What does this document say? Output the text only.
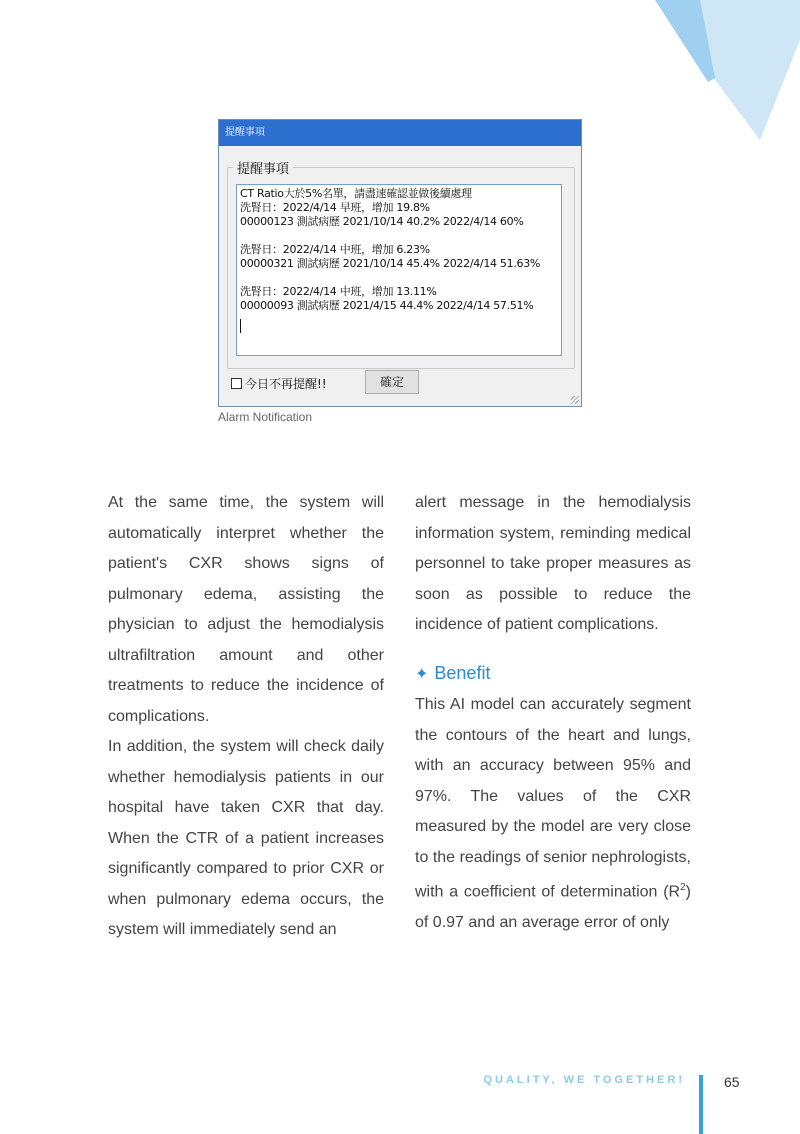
提醒事項
提醒事項
CT Ratio大於5%名單，請盡速確認並做後續處理
洗腎日：2022/4/14 早班，增加 19.8%
00000123 測試病歷 2021/10/14 40.2% 2022/4/14 60%
洗腎日：2022/4/14 中班，增加 6.23%
00000321 測試病歷 2021/10/14 45.4% 2022/4/14 51.63%
洗腎日：2022/4/14 中班，增加 13.11%
00000093 測試病歷 2021/4/15 44.4% 2022/4/14 57.51%
今日不再提醒!!	確定
Alarm Notification

At the same time, the system will automatically interpret whether the patient's CXR shows signs of pulmonary edema, assisting the physician to adjust the hemodialysis ultrafiltration amount and other treatments to reduce the incidence of complications.

In addition, the system will check daily whether hemodialysis patients in our hospital have taken CXR that day. When the CTR of a patient increases significantly compared to prior CXR or when pulmonary edema occurs, the system will immediately send an

alert message in the hemodialysis information system, reminding medical personnel to take proper measures as soon as possible to reduce the incidence of patient complications.

✦ Benefit

This AI model can accurately segment the contours of the heart and lungs, with an accuracy between 95% and 97%. The values of the CXR measured by the model are very close to the readings of senior nephrologists, with a coefficient of determination $(R^2)$ of 0.97 and an average error of only

QUALITY, WE TOGETHER!	65
